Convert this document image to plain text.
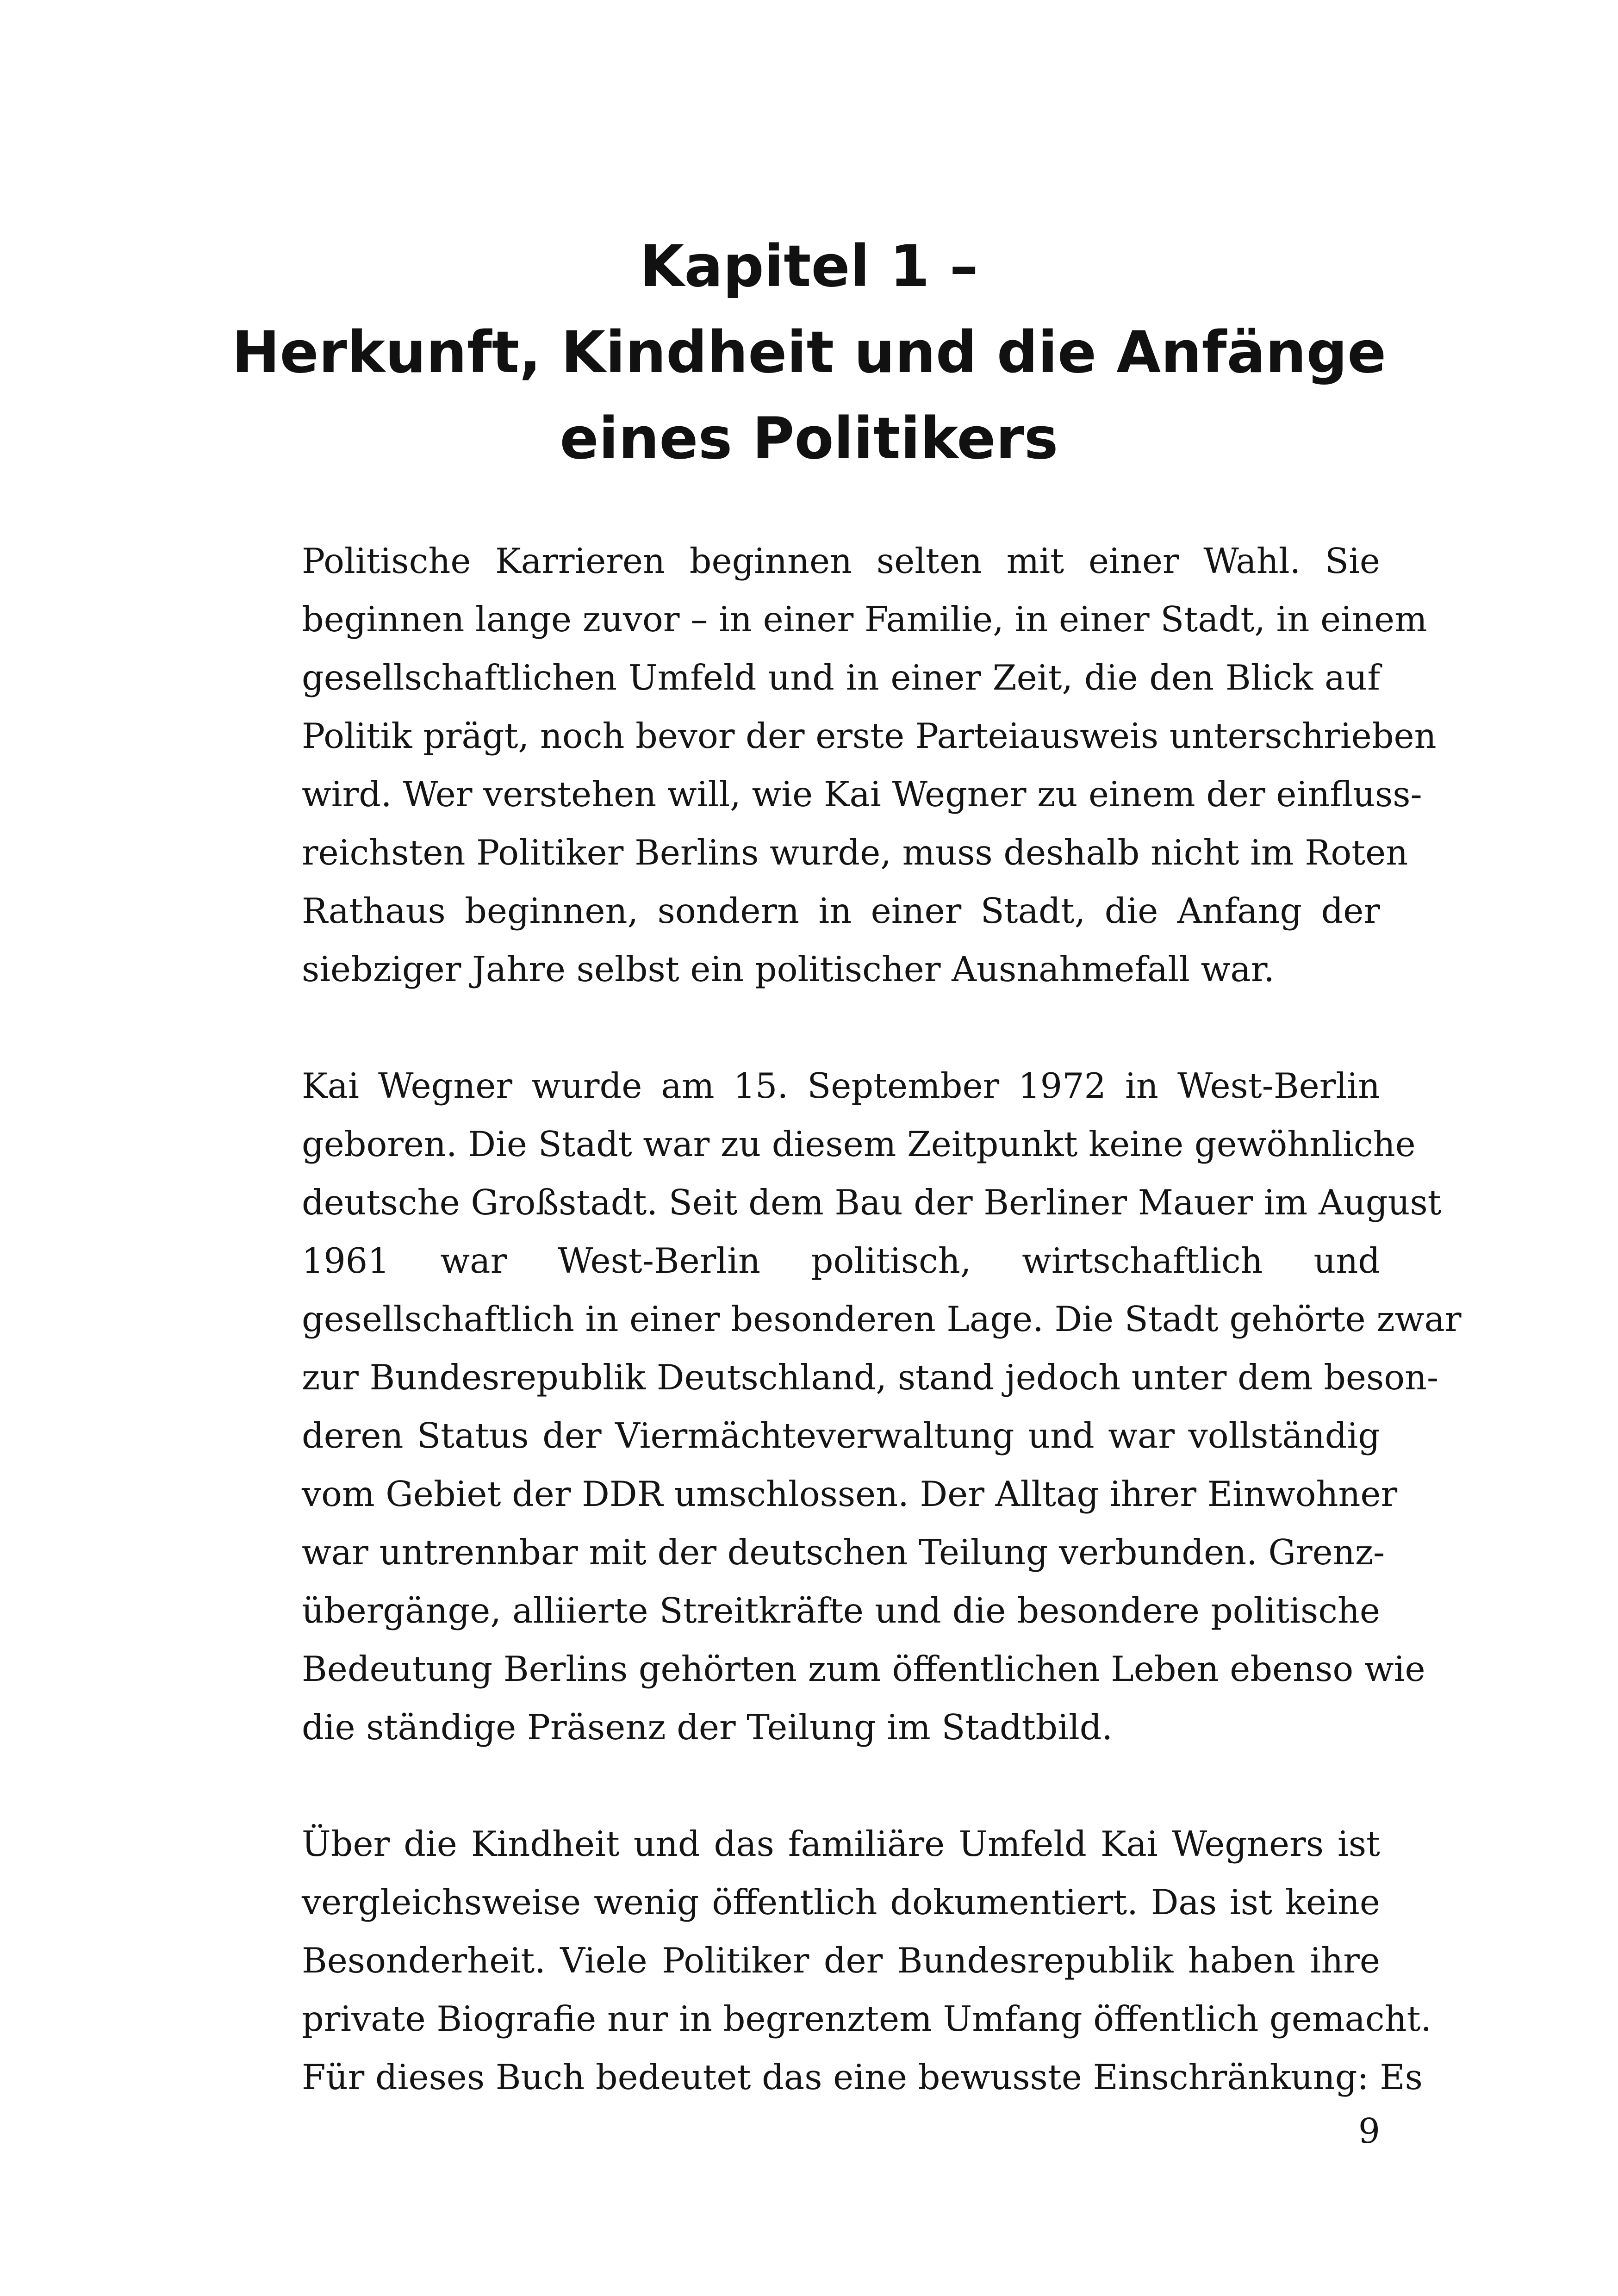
Kapitel 1 –
Herkunft, Kindheit und die Anfänge
eines Politikers

Politische Karrieren beginnen selten mit einer Wahl. Sie
beginnen lange zuvor – in einer Familie, in einer Stadt, in einem
gesellschaftlichen Umfeld und in einer Zeit, die den Blick auf
Politik prägt, noch bevor der erste Parteiausweis unterschrieben
wird. Wer verstehen will, wie Kai Wegner zu einem der einfluss-
reichsten Politiker Berlins wurde, muss deshalb nicht im Roten
Rathaus beginnen, sondern in einer Stadt, die Anfang der
siebziger Jahre selbst ein politischer Ausnahmefall war.

Kai Wegner wurde am 15. September 1972 in West-Berlin
geboren. Die Stadt war zu diesem Zeitpunkt keine gewöhnliche
deutsche Großstadt. Seit dem Bau der Berliner Mauer im August
1961 war West-Berlin politisch, wirtschaftlich und
gesellschaftlich in einer besonderen Lage. Die Stadt gehörte zwar
zur Bundesrepublik Deutschland, stand jedoch unter dem beson-
deren Status der Viermächteverwaltung und war vollständig
vom Gebiet der DDR umschlossen. Der Alltag ihrer Einwohner
war untrennbar mit der deutschen Teilung verbunden. Grenz-
übergänge, alliierte Streitkräfte und die besondere politische
Bedeutung Berlins gehörten zum öffentlichen Leben ebenso wie
die ständige Präsenz der Teilung im Stadtbild.

Über die Kindheit und das familiäre Umfeld Kai Wegners ist
vergleichsweise wenig öffentlich dokumentiert. Das ist keine
Besonderheit. Viele Politiker der Bundesrepublik haben ihre
private Biografie nur in begrenztem Umfang öffentlich gemacht.
Für dieses Buch bedeutet das eine bewusste Einschränkung: Es

9
